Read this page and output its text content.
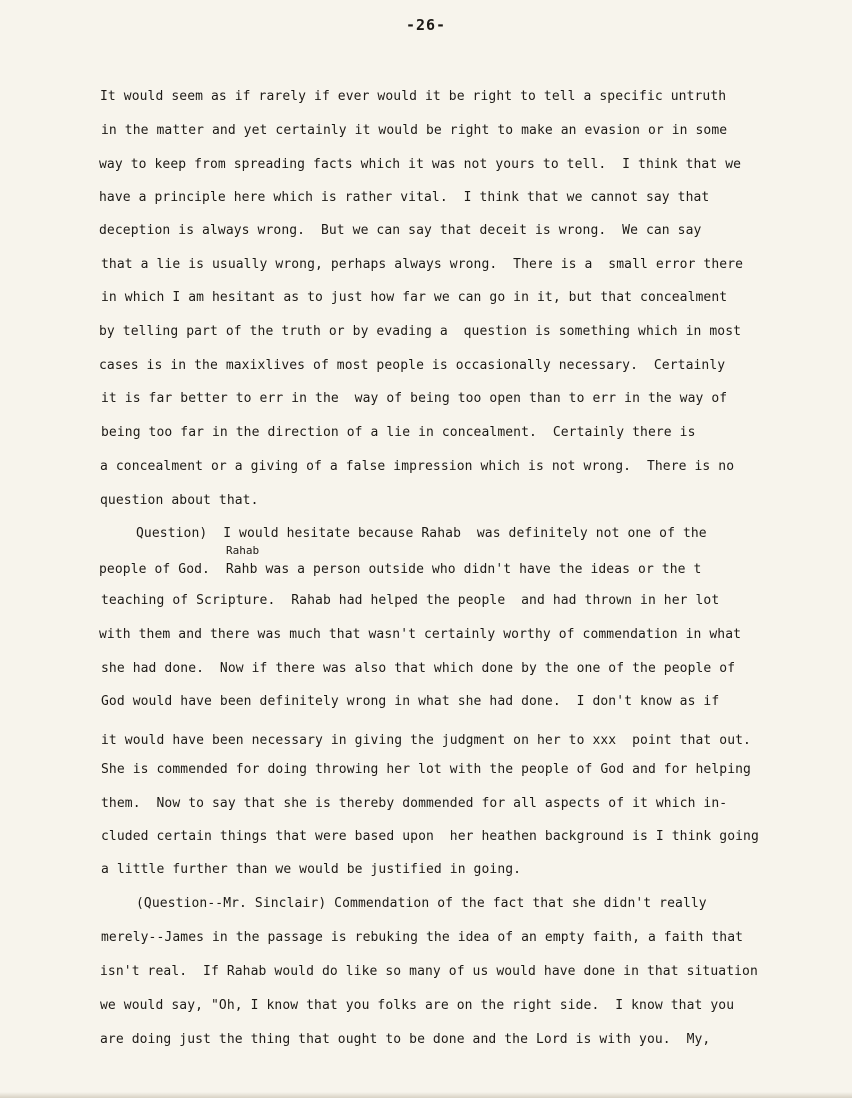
-26-
It would seem as if rarely if ever would it be right to tell a specific untruth
in the matter and yet certainly it would be right to make an evasion or in some
way to keep from spreading facts which it was not yours to tell.  I think that we
have a principle here which is rather vital.  I think that we cannot say that
deception is always wrong.  But we can say that deceit is wrong.  We can say
that a lie is usually wrong, perhaps always wrong.  There is a  small error there
in which I am hesitant as to just how far we can go in it, but that concealment
by telling part of the truth or by evading a  question is something which in most
cases is in the maxixlives of most people is occasionally necessary.  Certainly
it is far better to err in the  way of being too open than to err in the way of
being too far in the direction of a lie in concealment.  Certainly there is
a concealment or a giving of a false impression which is not wrong.  There is no
question about that.
Question)  I would hesitate because Rahab  was definitely not one of the
Rahab
people of God.  Rahb was a person outside who didn't have the ideas or the t
teaching of Scripture.  Rahab had helped the people  and had thrown in her lot
with them and there was much that wasn't certainly worthy of commendation in what
she had done.  Now if there was also that which done by the one of the people of
God would have been definitely wrong in what she had done.  I don't know as if
it would have been necessary in giving the judgment on her to xxx  point that out.
She is commended for doing throwing her lot with the people of God and for helping
them.  Now to say that she is thereby dommended for all aspects of it which in-
cluded certain things that were based upon  her heathen background is I think going
a little further than we would be justified in going.
(Question--Mr. Sinclair) Commendation of the fact that she didn't really
merely--James in the passage is rebuking the idea of an empty faith, a faith that
isn't real.  If Rahab would do like so many of us would have done in that situation
we would say, "Oh, I know that you folks are on the right side.  I know that you
are doing just the thing that ought to be done and the Lord is with you.  My,
